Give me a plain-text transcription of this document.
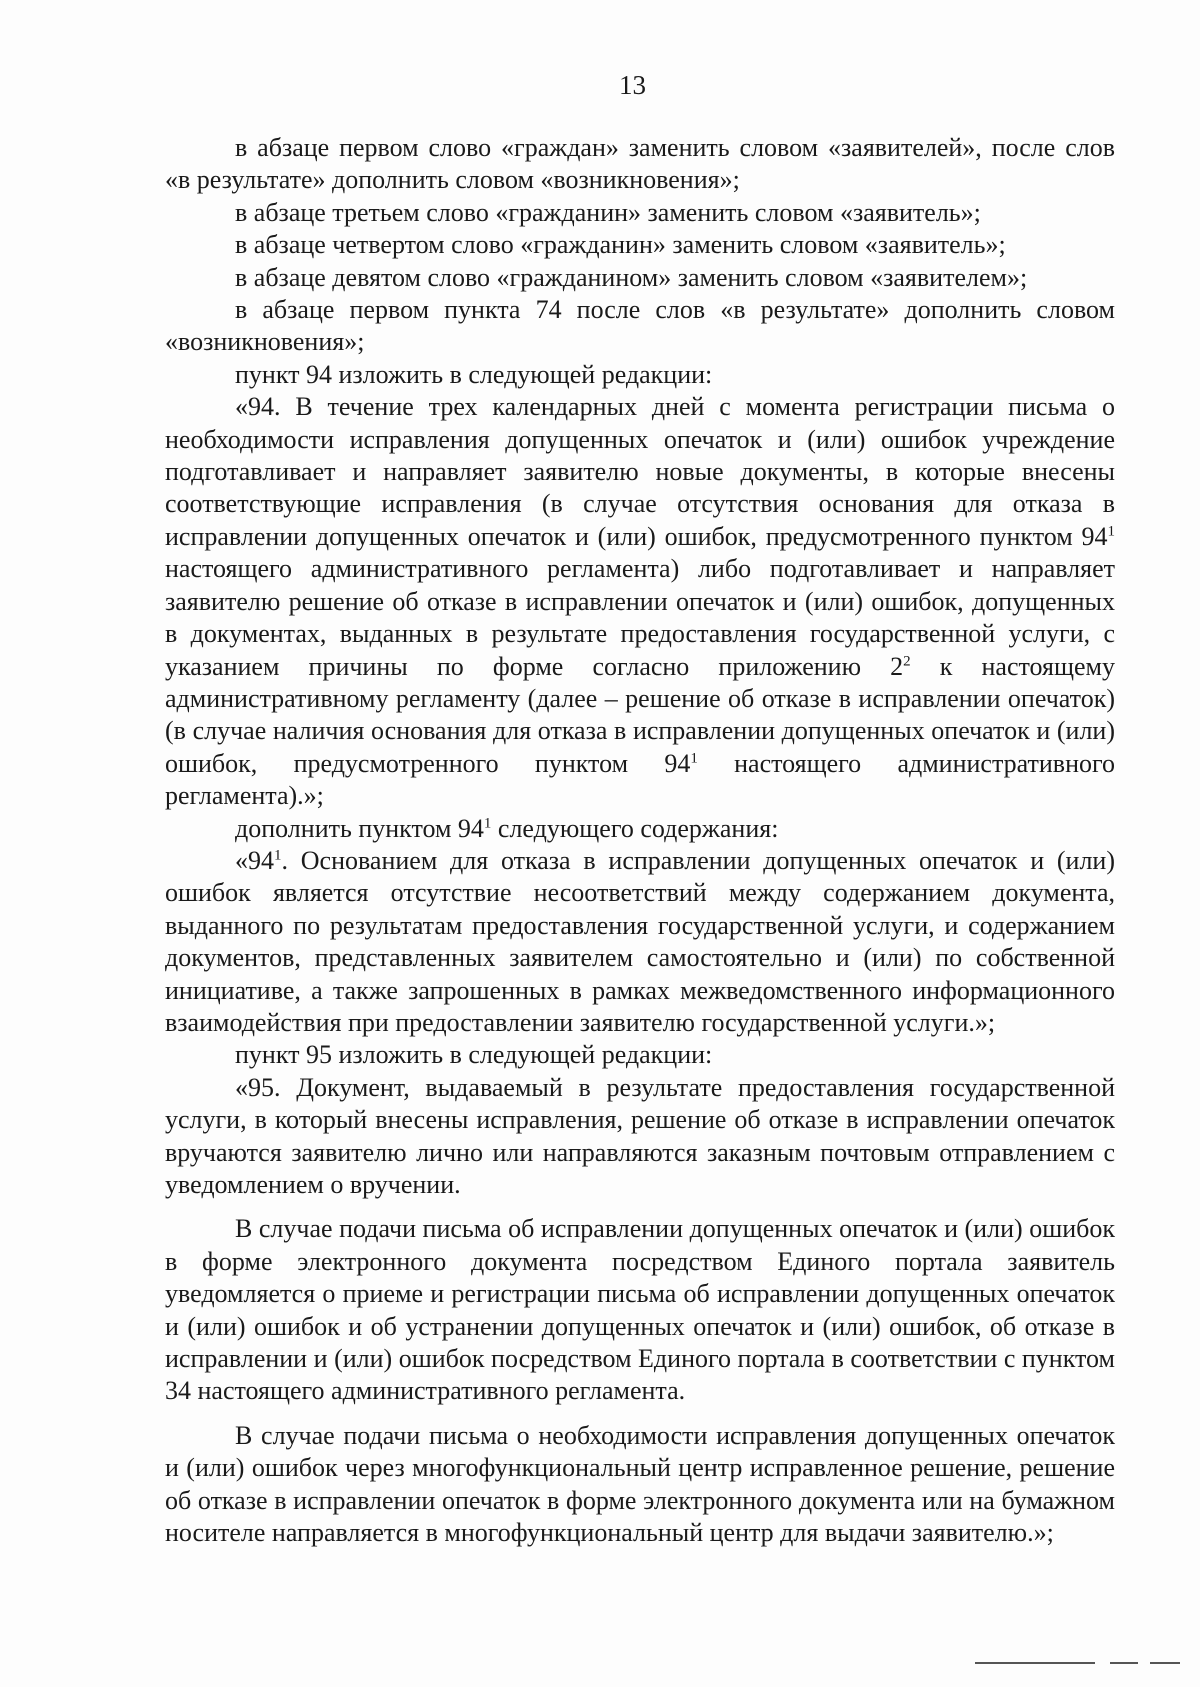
13

в абзаце первом слово «граждан» заменить словом «заявителей», после слов «в результате» дополнить словом «возникновения»;

в абзаце третьем слово «гражданин» заменить словом «заявитель»;

в абзаце четвертом слово «гражданин» заменить словом «заявитель»;

в абзаце девятом слово «гражданином» заменить словом «заявителем»;

в абзаце первом пункта 74 после слов «в результате» дополнить словом «возникновения»;

пункт 94 изложить в следующей редакции:

«94. В течение трех календарных дней с момента регистрации письма о необходимости исправления допущенных опечаток и (или) ошибок учреждение подготавливает и направляет заявителю новые документы, в которые внесены соответствующие исправления (в случае отсутствия основания для отказа в исправлении допущенных опечаток и (или) ошибок, предусмотренного пунктом $94^1$ настоящего административного регламента) либо подготавливает и направляет заявителю решение об отказе в исправлении опечаток и (или) ошибок, допущенных в документах, выданных в результате предоставления государственной услуги, с указанием причины по форме согласно приложению $2^2$ к настоящему административному регламенту (далее – решение об отказе в исправлении опечаток) (в случае наличия основания для отказа в исправлении допущенных опечаток и (или) ошибок, предусмотренного пунктом $94^1$ настоящего административного регламента).»;

дополнить пунктом $94^1$ следующего содержания:

«$94^1$. Основанием для отказа в исправлении допущенных опечаток и (или) ошибок является отсутствие несоответствий между содержанием документа, выданного по результатам предоставления государственной услуги, и содержанием документов, представленных заявителем самостоятельно и (или) по собственной инициативе, а также запрошенных в рамках межведомственного информационного взаимодействия при предоставлении заявителю государственной услуги.»;

пункт 95 изложить в следующей редакции:

«95. Документ, выдаваемый в результате предоставления государственной услуги, в который внесены исправления, решение об отказе в исправлении опечаток вручаются заявителю лично или направляются заказным почтовым отправлением с уведомлением о вручении.

В случае подачи письма об исправлении допущенных опечаток и (или) ошибок в форме электронного документа посредством Единого портала заявитель уведомляется о приеме и регистрации письма об исправлении допущенных опечаток и (или) ошибок и об устранении допущенных опечаток и (или) ошибок, об отказе в исправлении и (или) ошибок посредством Единого портала в соответствии с пунктом 34 настоящего административного регламента.

В случае подачи письма о необходимости исправления допущенных опечаток и (или) ошибок через многофункциональный центр исправленное решение, решение об отказе в исправлении опечаток в форме электронного документа или на бумажном носителе направляется в многофункциональный центр для выдачи заявителю.»;
